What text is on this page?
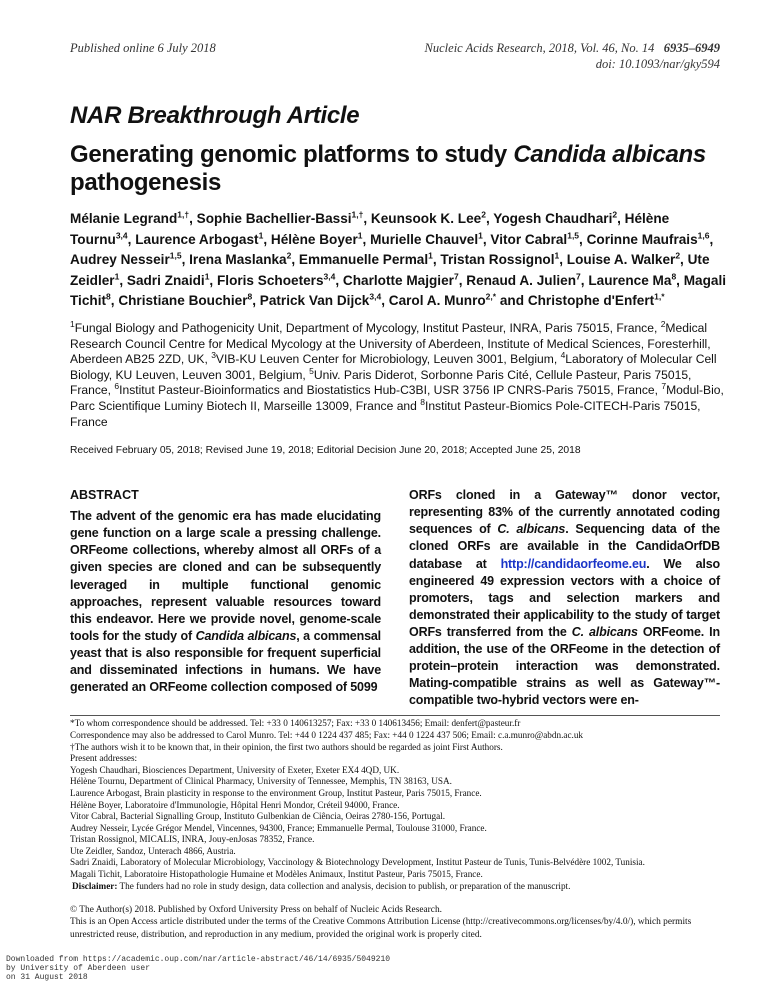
Published online 6 July 2018	Nucleic Acids Research, 2018, Vol. 46, No. 14 6935–6949
doi: 10.1093/nar/gky594
NAR Breakthrough Article
Generating genomic platforms to study Candida albicans pathogenesis
Mélanie Legrand$^{1,\dagger}$, Sophie Bachellier-Bassi$^{1,\dagger}$, Keunsook K. Lee$^2$, Yogesh Chaudhari$^2$, Hélène Tournu$^{3,4}$, Laurence Arbogast$^1$, Hélène Boyer$^1$, Murielle Chauvel$^1$, Vitor Cabral$^{1,5}$, Corinne Maufrais$^{1,6}$, Audrey Nesseir$^{1,5}$, Irena Maslanka$^2$, Emmanuelle Permal$^1$, Tristan Rossignol$^1$, Louise A. Walker$^2$, Ute Zeidler$^1$, Sadri Znaidi$^1$, Floris Schoeters$^{3,4}$, Charlotte Majgier$^7$, Renaud A. Julien$^7$, Laurence Ma$^8$, Magali Tichit$^8$, Christiane Bouchier$^8$, Patrick Van Dijck$^{3,4}$, Carol A. Munro$^{2,*}$ and Christophe d'Enfert$^{1,*}$
$^1$Fungal Biology and Pathogenicity Unit, Department of Mycology, Institut Pasteur, INRA, Paris 75015, France, $^2$Medical Research Council Centre for Medical Mycology at the University of Aberdeen, Institute of Medical Sciences, Foresterhill, Aberdeen AB25 2ZD, UK, $^3$VIB-KU Leuven Center for Microbiology, Leuven 3001, Belgium, $^4$Laboratory of Molecular Cell Biology, KU Leuven, Leuven 3001, Belgium, $^5$Univ. Paris Diderot, Sorbonne Paris Cité, Cellule Pasteur, Paris 75015, France, $^6$Institut Pasteur-Bioinformatics and Biostatistics Hub-C3BI, USR 3756 IP CNRS-Paris 75015, France, $^7$Modul-Bio, Parc Scientifique Luminy Biotech II, Marseille 13009, France and $^8$Institut Pasteur-Biomics Pole-CITECH-Paris 75015, France
Received February 05, 2018; Revised June 19, 2018; Editorial Decision June 20, 2018; Accepted June 25, 2018
ABSTRACT
The advent of the genomic era has made elucidating gene function on a large scale a pressing challenge. ORFeome collections, whereby almost all ORFs of a given species are cloned and can be subsequently leveraged in multiple functional genomic approaches, represent valuable resources toward this endeavor. Here we provide novel, genome-scale tools for the study of Candida albicans, a commensal yeast that is also responsible for frequent superficial and disseminated infections in humans. We have generated an ORFeome collection composed of 5099
ORFs cloned in a Gateway™ donor vector, representing 83% of the currently annotated coding sequences of C. albicans. Sequencing data of the cloned ORFs are available in the CandidaOrfDB database at http://candidaorfeome.eu. We also engineered 49 expression vectors with a choice of promoters, tags and selection markers and demonstrated their applicability to the study of target ORFs transferred from the C. albicans ORFeome. In addition, the use of the ORFeome in the detection of protein–protein interaction was demonstrated. Mating-compatible strains as well as Gateway™-compatible two-hybrid vectors were en-
*To whom correspondence should be addressed. Tel: +33 0 140613257; Fax: +33 0 140613456; Email: denfert@pasteur.fr
Correspondence may also be addressed to Carol Munro. Tel: +44 0 1224 437 485; Fax: +44 0 1224 437 506; Email: c.a.munro@abdn.ac.uk
†The authors wish it to be known that, in their opinion, the first two authors should be regarded as joint First Authors.
Present addresses:
Yogesh Chaudhari, Biosciences Department, University of Exeter, Exeter EX4 4QD, UK.
Hélène Tournu, Department of Clinical Pharmacy, University of Tennessee, Memphis, TN 38163, USA.
Laurence Arbogast, Brain plasticity in response to the environment Group, Institut Pasteur, Paris 75015, France.
Hélène Boyer, Laboratoire d'Immunologie, Hôpital Henri Mondor, Créteil 94000, France.
Vitor Cabral, Bacterial Signalling Group, Instituto Gulbenkian de Ciência, Oeiras 2780-156, Portugal.
Audrey Nesseir, Lycée Grégor Mendel, Vincennes, 94300, France; Emmanuelle Permal, Toulouse 31000, France.
Tristan Rossignol, MICALIS, INRA, Jouy-enJosas 78352, France.
Ute Zeidler, Sandoz, Unterach 4866, Austria.
Sadri Znaidi, Laboratory of Molecular Microbiology, Vaccinology & Biotechnology Development, Institut Pasteur de Tunis, Tunis-Belvédère 1002, Tunisia.
Magali Tichit, Laboratoire Histopathologie Humaine et Modèles Animaux, Institut Pasteur, Paris 75015, France.
Disclaimer: The funders had no role in study design, data collection and analysis, decision to publish, or preparation of the manuscript.
© The Author(s) 2018. Published by Oxford University Press on behalf of Nucleic Acids Research.
This is an Open Access article distributed under the terms of the Creative Commons Attribution License (http://creativecommons.org/licenses/by/4.0/), which permits unrestricted reuse, distribution, and reproduction in any medium, provided the original work is properly cited.
Downloaded from https://academic.oup.com/nar/article-abstract/46/14/6935/5049210
by University of Aberdeen user
on 31 August 2018
